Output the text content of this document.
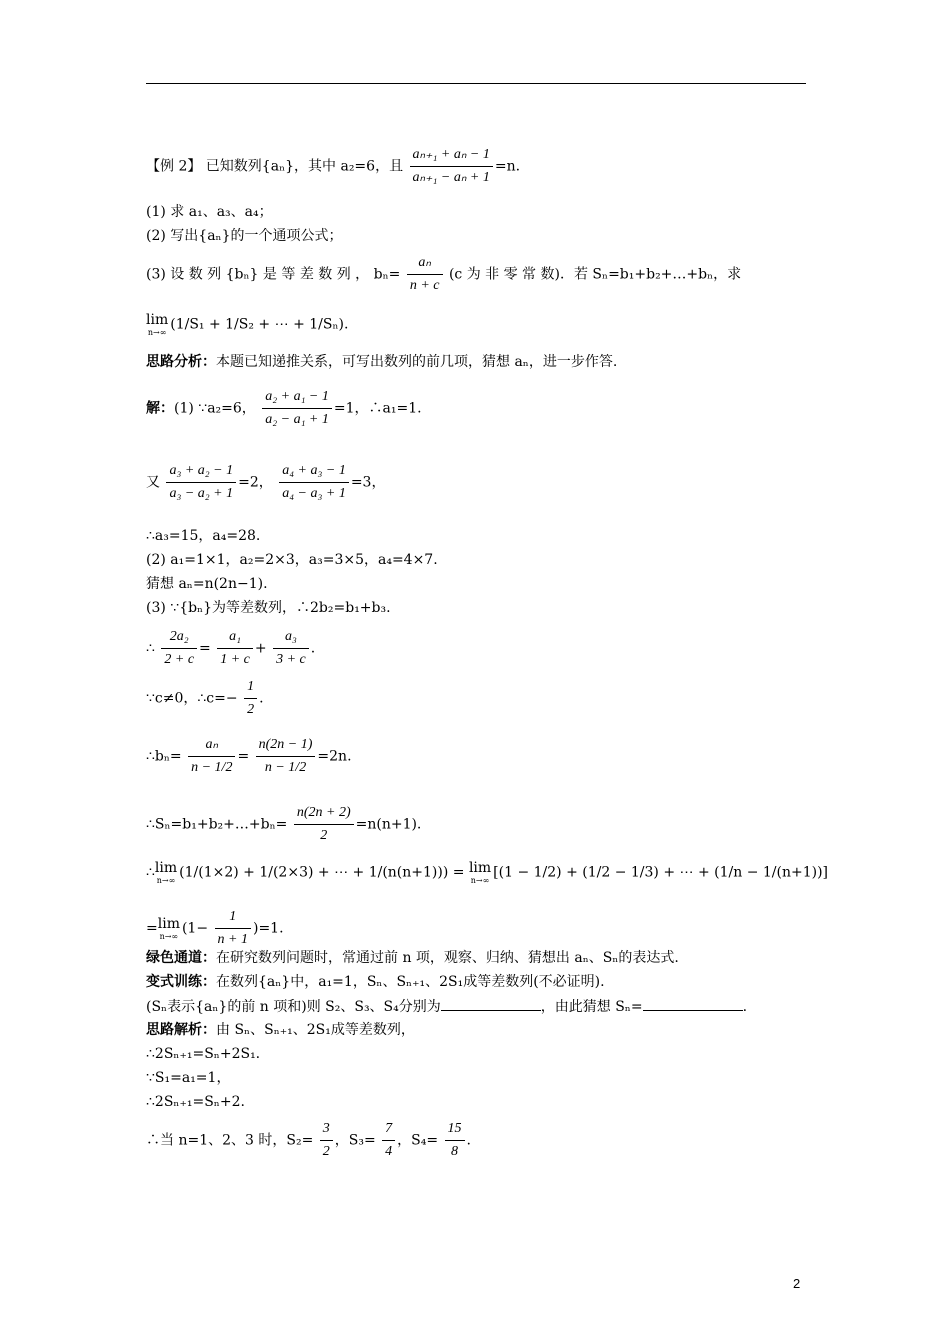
【例 2】 已知数列{aₙ}，其中 a₂=6，且 $\frac{\text{aₙ₊₁ + aₙ − 1}}{\text{aₙ₊₁ − aₙ + 1}} =n$.
(1) 求 a₁、a₃、a₄；
(2) 写出{aₙ}的一个通项公式；
(3) 设 数 列 {bₙ} 是 等 差 数 列 ， $b_n= \frac{\text{aₙ}}{n + c} (c$ 为 非 零 常 数)．若 Sₙ=b₁+b₂+…+bₙ，求
lim
n→∞ (1/S₁ + 1/S₂ + ⋯ + 1/Sₙ).
思路分析：本题已知递推关系，可写出数列的前几项，猜想 aₙ，进一步作答.
解：(1) ∵a₂=6， $\frac{\text{a₂ + a₁ − 1}}{\text{a₂ − a₁ + 1}} =1$，∴a₁=1.
又 $\frac{\text{a₃ + a₂ − 1}}{\text{a₃ − a₂ + 1}} =2$， $\frac{\text{a₄ + a₃ − 1}}{\text{a₄ − a₃ + 1}} =3$，
∴a₃=15，a₄=28.
(2) a₁=1×1，a₂=2×3，a₃=3×5，a₄=4×7.
猜想 aₙ=n(2n−1).
(3) ∵{bₙ}为等差数列，∴2b₂=b₁+b₃.
∴ $\frac{\text{2a₂}}{2 + c} = \frac{\text{a₁}}{1 + c} + \frac{\text{a₃}}{3 + c}$ .
∵c≠0，∴c=− $\frac{1}{2}$ .
∴bₙ= $\frac{\text{aₙ}}{n - 1/2} = \frac{n(2n - 1)}{n - 1/2} =2n$.
∴Sₙ=b₁+b₂+…+bₙ= $\frac{n(2n + 2)}{2} =n(n+1)$.
∴ lim
n→∞ (1/(1×2) + 1/(2×3) + ⋯ + 1/(n(n+1))) = lim
n→∞ [(1 − 1/2) + (1/2 − 1/3) + ⋯ + (1/n − 1/(n+1))]
= lim
n→∞ $(1- \frac{1}{n + 1} )=1$.
绿色通道：在研究数列问题时，常通过前 n 项，观察、归纳、猜想出 aₙ、Sₙ的表达式.
变式训练：在数列{aₙ}中，a₁=1，Sₙ、Sₙ₊₁、2S₁成等差数列(不必证明).
(Sₙ表示{aₙ}的前 n 项和)则 S₂、S₃、S₄分别为	，由此猜想 Sₙ=	.
思路解析：由 Sₙ、Sₙ₊₁、2S₁成等差数列，
∴2Sₙ₊₁=Sₙ+2S₁.
∵S₁=a₁=1，
∴2Sₙ₊₁=Sₙ+2.
∴当 n=1、2、3 时，$S_2= \frac{3}{2}$ ，$S_3= \frac{7}{4}$ ，$S_4= \frac{15}{8}$ .
2
